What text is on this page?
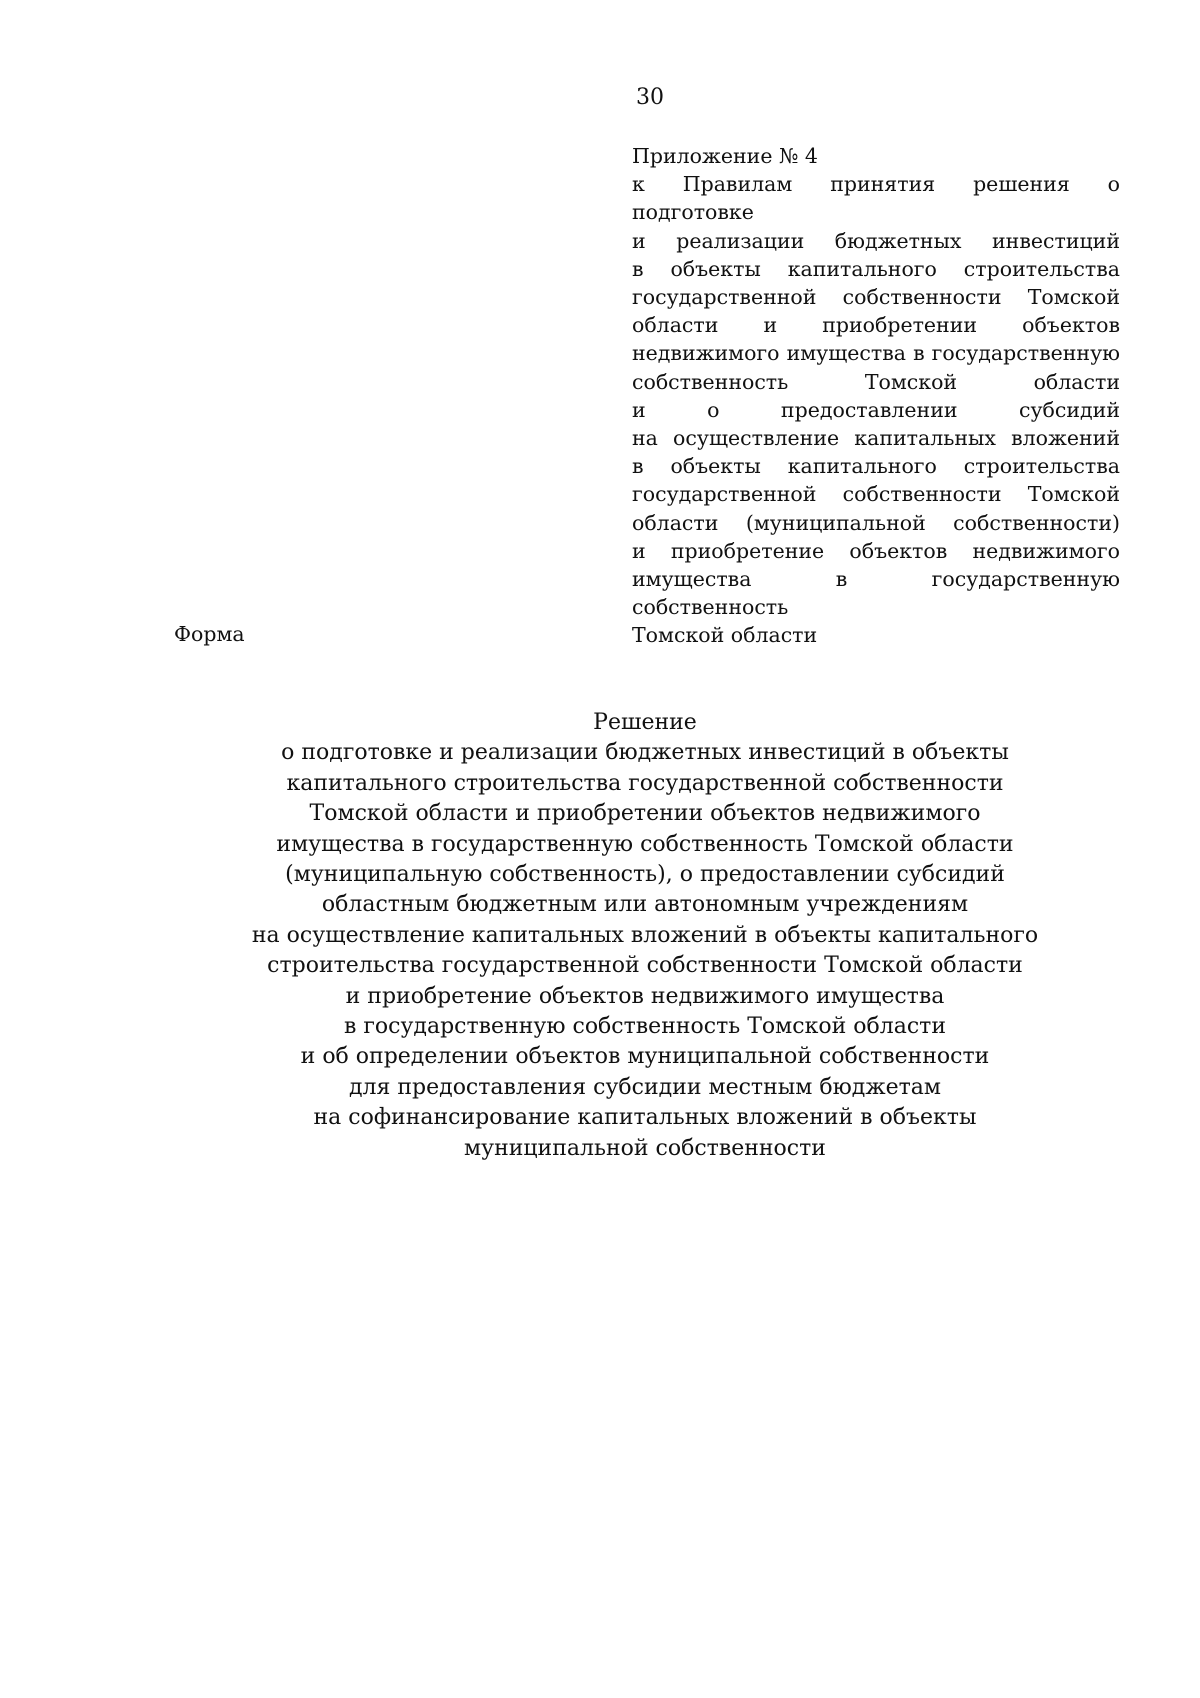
30
Приложение № 4
к Правилам принятия решения о подготовке
и реализации бюджетных инвестиций
в объекты капитального строительства
государственной собственности Томской
области и приобретении объектов
недвижимого имущества в государственную
собственность Томской области
и о предоставлении субсидий
на осуществление капитальных вложений
в объекты капитального строительства
государственной собственности Томской
области (муниципальной собственности)
и приобретение объектов недвижимого
имущества в государственную собственность
Томской области
Форма
Решение
о подготовке и реализации бюджетных инвестиций в объекты
капитального строительства государственной собственности
Томской области и приобретении объектов недвижимого
имущества в государственную собственность Томской области
(муниципальную собственность), о предоставлении субсидий
областным бюджетным или автономным учреждениям
на осуществление капитальных вложений в объекты капитального
строительства государственной собственности Томской области
и приобретение объектов недвижимого имущества
в государственную собственность Томской области
и об определении объектов муниципальной собственности
для предоставления субсидии местным бюджетам
на софинансирование капитальных вложений в объекты
муниципальной собственности
